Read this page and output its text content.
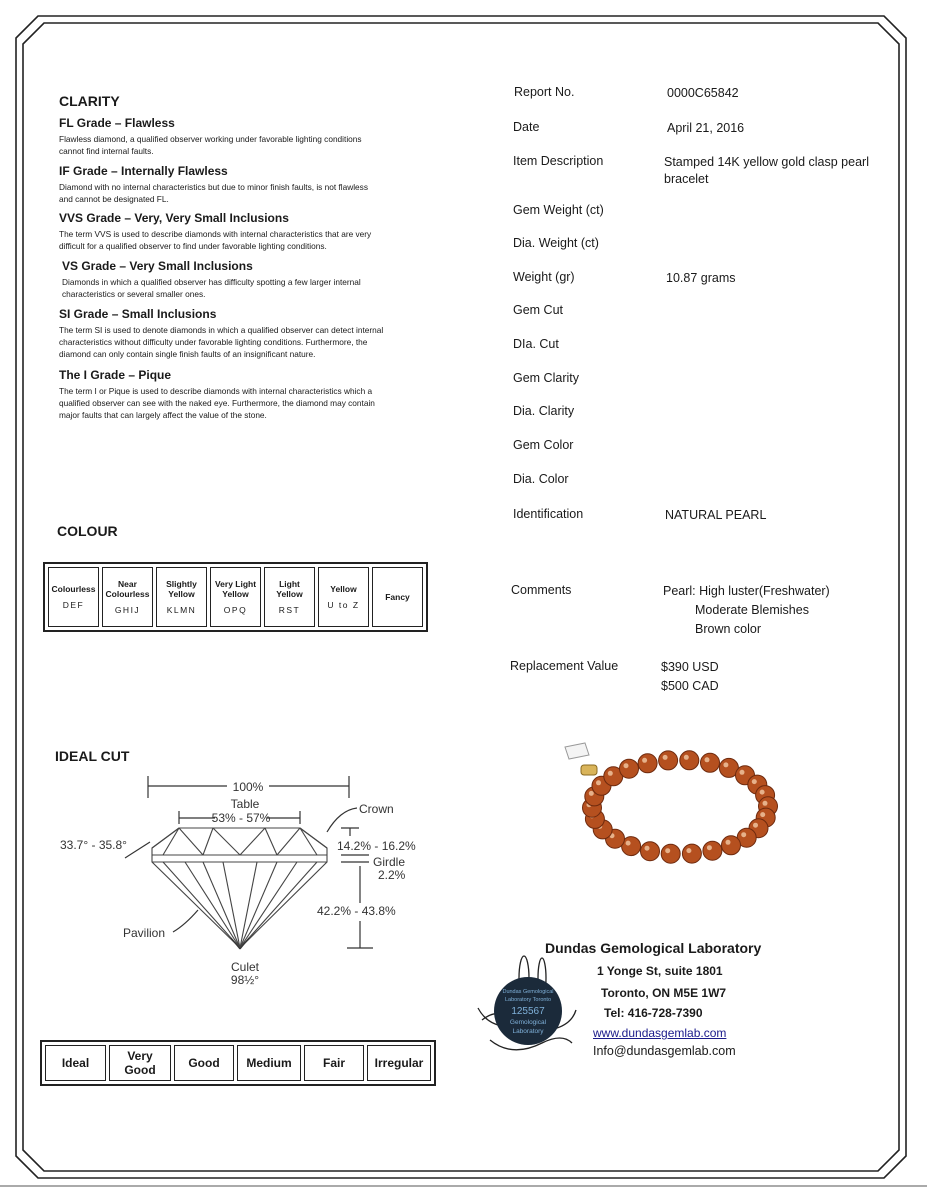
CLARITY
FL Grade – Flawless
Flawless diamond, a qualified observer working under favorable lighting conditions
cannot find internal faults.
IF Grade – Internally Flawless
Diamond with no internal characteristics but due to minor finish faults, is not flawless
and cannot be designated FL.
VVS Grade – Very, Very Small Inclusions
The term VVS is used to describe diamonds with internal characteristics that are very
difficult for a qualified observer to find under favorable lighting conditions.
VS Grade – Very Small Inclusions
Diamonds in which a qualified observer has difficulty spotting a few larger internal
characteristics or several smaller ones.
SI Grade – Small Inclusions
The term SI is used to denote diamonds in which a qualified observer can detect internal
characteristics without difficulty under favorable lighting conditions. Furthermore, the
diamond can only contain single finish faults of an insignificant nature.
The I Grade – Pique
The term I or Pique is used to describe diamonds with internal characteristics which a
qualified observer can see with the naked eye. Furthermore, the diamond may contain
major faults that can largely affect the value of the stone.
COLOUR
Colourless
DEF

Near Colourless
GHIJ

Slightly Yellow
KLMN

Very Light Yellow
OPQ

Light Yellow
RST

Yellow
U to Z

Fancy
IDEAL CUT
100%
Table
53% - 57%
Crown
33.7° - 35.8°	14.2% - 16.2%
Girdle
2.2%
42.2% - 43.8%
Pavilion
Culet
98½°
Ideal	Very Good	Good	Medium	Fair	Irregular
Report No.	0000C65842
Date	April 21, 2016
Item Description	Stamped 14K yellow gold clasp pearl
bracelet
Gem Weight (ct)
Dia. Weight (ct)
Weight (gr)	10.87 grams
Gem Cut
DIa. Cut
Gem Clarity
Dia. Clarity
Gem Color
Dia. Color
Identification	NATURAL PEARL
Comments	Pearl: High luster(Freshwater)
Moderate Blemishes
Brown color
Replacement Value	$390 USD
$500 CAD
Dundas Gemological
Laboratory Toronto
125567
Gemological
Laboratory
Dundas Gemological Laboratory
1 Yonge St, suite 1801
Toronto, ON M5E 1W7
Tel: 416-728-7390
www.dundasgemlab.com
Info@dundasgemlab.com
